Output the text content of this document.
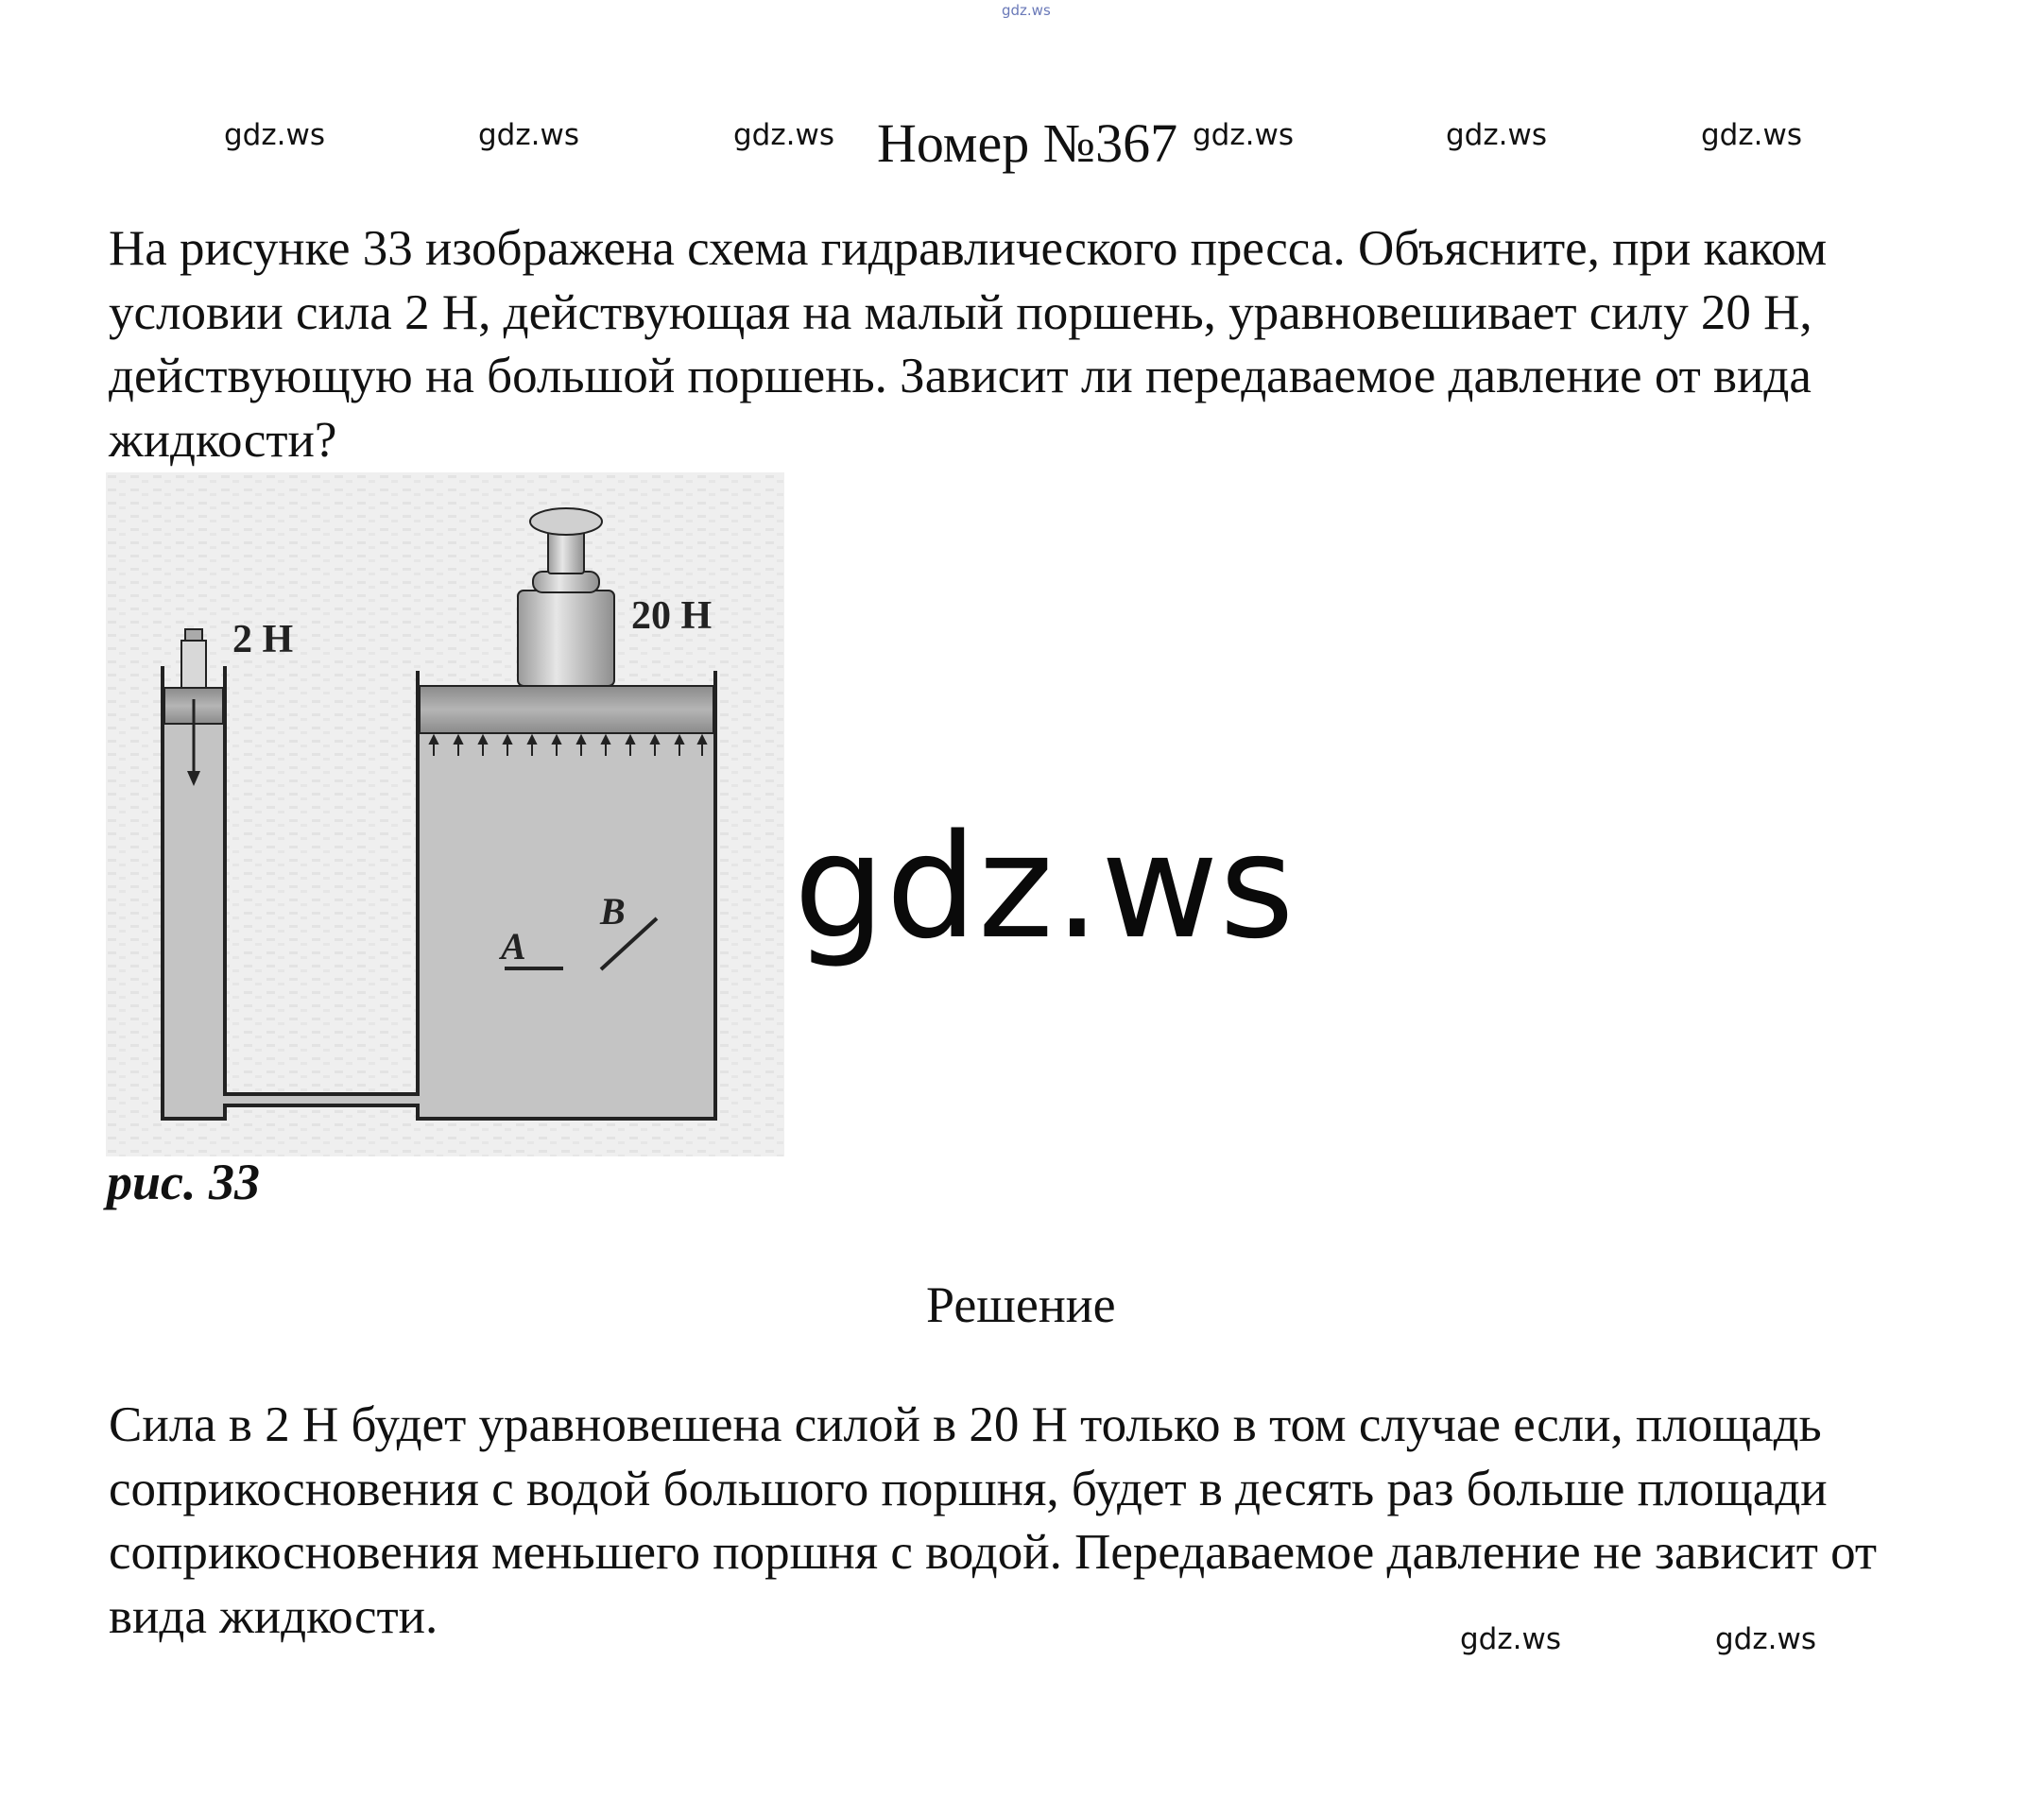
gdz.ws
gdz.ws	gdz.ws	gdz.ws	gdz.ws	gdz.ws	gdz.ws
Номер №367

На рисунке 33 изображена схема гидравлического пресса. Объясните, при каком условии сила 2 Н, действующая на малый поршень, уравновешивает силу 20 Н, действующую на большой поршень. Зависит ли передаваемое давление от вида жидкости?

2 Н
20 Н
A
B gdz.ws
рис. 33
Решение

Сила в 2 Н будет уравновешена силой в 20 Н только в том случае если, площадь соприкосновения с водой большого поршня, будет в десять раз больше площади соприкосновения меньшего поршня с водой. Передаваемое давление не зависит от вида жидкости.	gdz.ws	gdz.ws
